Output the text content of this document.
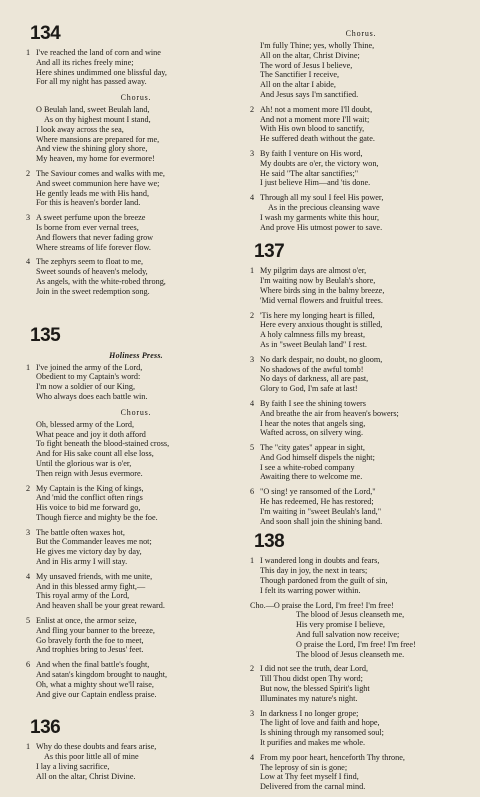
134
1 I've reached the land of corn and wine
And all its riches freely mine;
Here shines undimmed one blissful day,
For all my night has passed away.
Chorus.
O Beulah land, sweet Beulah land,
As on thy highest mount I stand,
I look away across the sea,
Where mansions are prepared for me,
And view the shining glory shore,
My heaven, my home for evermore!
2 The Saviour comes and walks with me,
And sweet communion here have we;
He gently leads me with His hand,
For this is heaven's border land.
3 A sweet perfume upon the breeze
Is borne from ever vernal trees,
And flowers that never fading grow
Where streams of life forever flow.
4 The zephyrs seem to float to me,
Sweet sounds of heaven's melody,
As angels, with the white-robed throng,
Join in the sweet redemption song.
135
Holiness Press.
1 I've joined the army of the Lord,
Obedient to my Captain's word:
I'm now a soldier of our King,
Who always does each battle win.
Chorus.
Oh, blessed army of the Lord,
What peace and joy it doth afford
To fight beneath the blood-stained cross,
And for His sake count all else loss,
Until the glorious war is o'er,
Then reign with Jesus evermore.
2 My Captain is the King of kings,
And 'mid the conflict often rings
His voice to bid me forward go,
Though fierce and mighty be the foe.
3 The battle often waxes hot,
But the Commander leaves me not;
He gives me victory day by day,
And in His army I will stay.
4 My unsaved friends, with me unite,
And in this blessed army fight,—
This royal army of the Lord,
And heaven shall be your great reward.
5 Enlist at once, the armor seize,
And fling your banner to the breeze,
Go bravely forth the foe to meet,
And trophies bring to Jesus' feet.
6 And when the final battle's fought,
And satan's kingdom brought to naught,
Oh, what a mighty shout we'll raise,
And give our Captain endless praise.
136
1 Why do these doubts and fears arise,
As this poor little all of mine
I lay a living sacrifice,
All on the altar, Christ Divine.
Chorus.
I'm fully Thine; yes, wholly Thine,
All on the altar, Christ Divine;
The word of Jesus I believe,
The Sanctifier I receive,
All on the altar I abide,
And Jesus says I'm sanctified.
2 Ah! not a moment more I'll doubt,
And not a moment more I'll wait;
With His own blood to sanctify,
He suffered death without the gate.
3 By faith I venture on His word,
My doubts are o'er, the victory won,
He said "The altar sanctifies;"
I just believe Him—and 'tis done.
4 Through all my soul I feel His power,
As in the precious cleansing wave
I wash my garments white this hour,
And prove His utmost power to save.
137
1 My pilgrim days are almost o'er,
I'm waiting now by Beulah's shore,
Where birds sing in the balmy breeze,
'Mid vernal flowers and fruitful trees.
2 'Tis here my longing heart is filled,
Here every anxious thought is stilled,
A holy calmness fills my breast,
As in "sweet Beulah land" I rest.
3 No dark despair, no doubt, no gloom,
No shadows of the awful tomb!
No days of darkness, all are past,
Glory to God, I'm safe at last!
4 By faith I see the shining towers
And breathe the air from heaven's bowers;
I hear the notes that angels sing,
Wafted across, on silvery wing.
5 The "city gates" appear in sight,
And God himself dispels the night;
I see a white-robed company
Awaiting there to welcome me.
6 "O sing! ye ransomed of the Lord,"
He has redeemed, He has restored;
I'm waiting in "sweet Beulah's land,"
And soon shall join the shining band.
138
1 I wandered long in doubts and fears,
This day in joy, the next in tears;
Though pardoned from the guilt of sin,
I felt its warring power within.
Cho.—O praise the Lord, I'm free! I'm free!
The blood of Jesus cleanseth me,
His very promise I believe,
And full salvation now receive;
O praise the Lord, I'm free! I'm free!
The blood of Jesus cleanseth me.
2 I did not see the truth, dear Lord,
Till Thou didst open Thy word;
But now, the blessed Spirit's light
Illuminates my nature's night.
3 In darkness I no longer grope;
The light of love and faith and hope,
Is shining through my ransomed soul;
It purifies and makes me whole.
4 From my poor heart, henceforth Thy throne,
The leprosy of sin is gone;
Low at Thy feet myself I find,
Delivered from the carnal mind.
